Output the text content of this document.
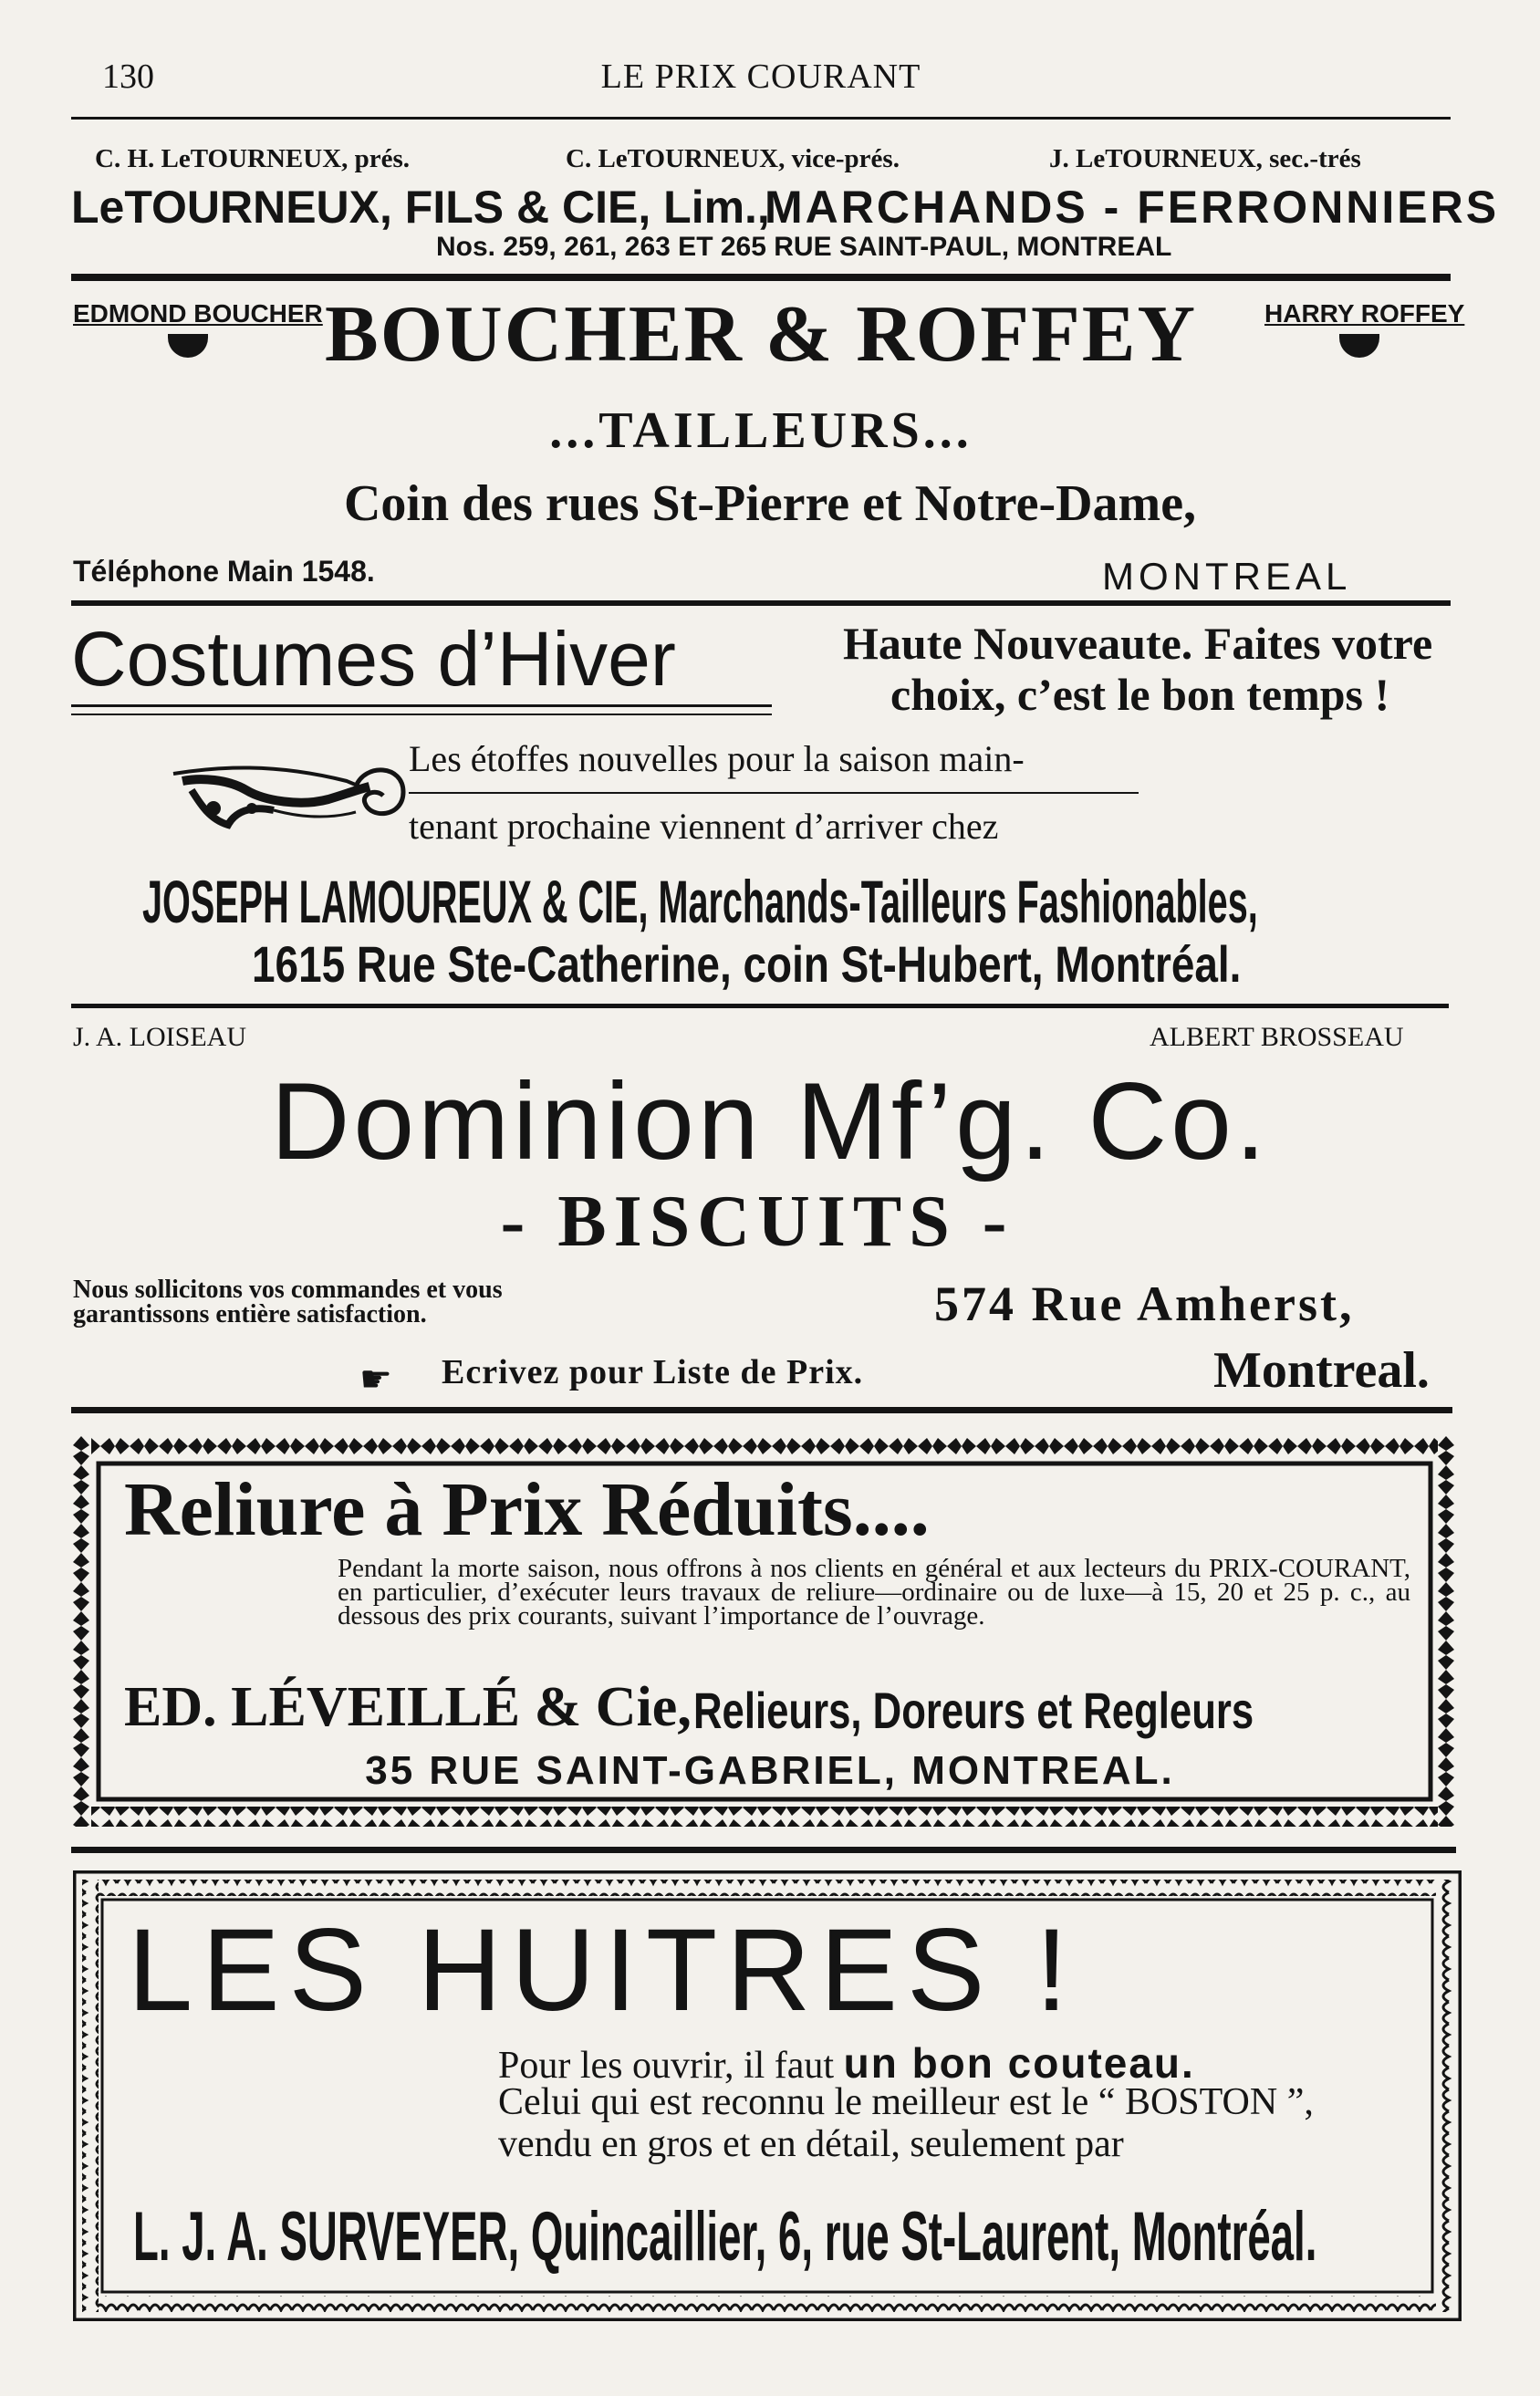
130	LE PRIX COURANT
C. H. LeTOURNEUX, prés.	C. LeTOURNEUX, vice-prés.	J. LeTOURNEUX, sec.-trés
LeTOURNEUX, FILS & CIE, Lim.,
MARCHANDS - FERRONNIERS
Nos. 259, 261, 263 ET 265 RUE SAINT-PAUL, MONTREAL
EDMOND BOUCHER	HARRY ROFFEY
BOUCHER & ROFFEY
...TAILLEURS...
Coin des rues St-Pierre et Notre-Dame,
Téléphone Main 1548.	MONTREAL
Costumes d’Hiver	Haute Nouveaute. Faites votre
choix, c’est le bon temps !
Les étoffes nouvelles pour la saison main-
tenant prochaine viennent d’arriver chez
JOSEPH LAMOUREUX & CIE, Marchands-Tailleurs Fashionables,
1615 Rue Ste-Catherine, coin St-Hubert, Montréal.
J. A. LOISEAU	ALBERT BROSSEAU
Dominion Mf’g. Co.
- BISCUITS -
Nous sollicitons vos commandes et vous
garantissons entière satisfaction.	574 Rue Amherst,
Montreal.
☛ Ecrivez pour Liste de Prix.
Reliure à Prix Réduits....
Pendant la morte saison, nous offrons à nos clients en général et aux lecteurs du PRIX-COURANT, en particulier, d’exécuter leurs travaux de reliure—ordinaire ou de luxe—à 15, 20 et 25 p. c., au dessous des prix courants, suivant l’importance de l’ouvrage.
ED. LÉVEILLÉ & Cie, Relieurs, Doreurs et Regleurs
35 RUE SAINT-GABRIEL, MONTREAL.
LES HUITRES !
Pour les ouvrir, il faut un bon couteau.
Celui qui est reconnu le meilleur est le “ BOSTON ”,
vendu en gros et en détail, seulement par
L. J. A. SURVEYER, Quincaillier, 6, rue St-Laurent, Montréal.
